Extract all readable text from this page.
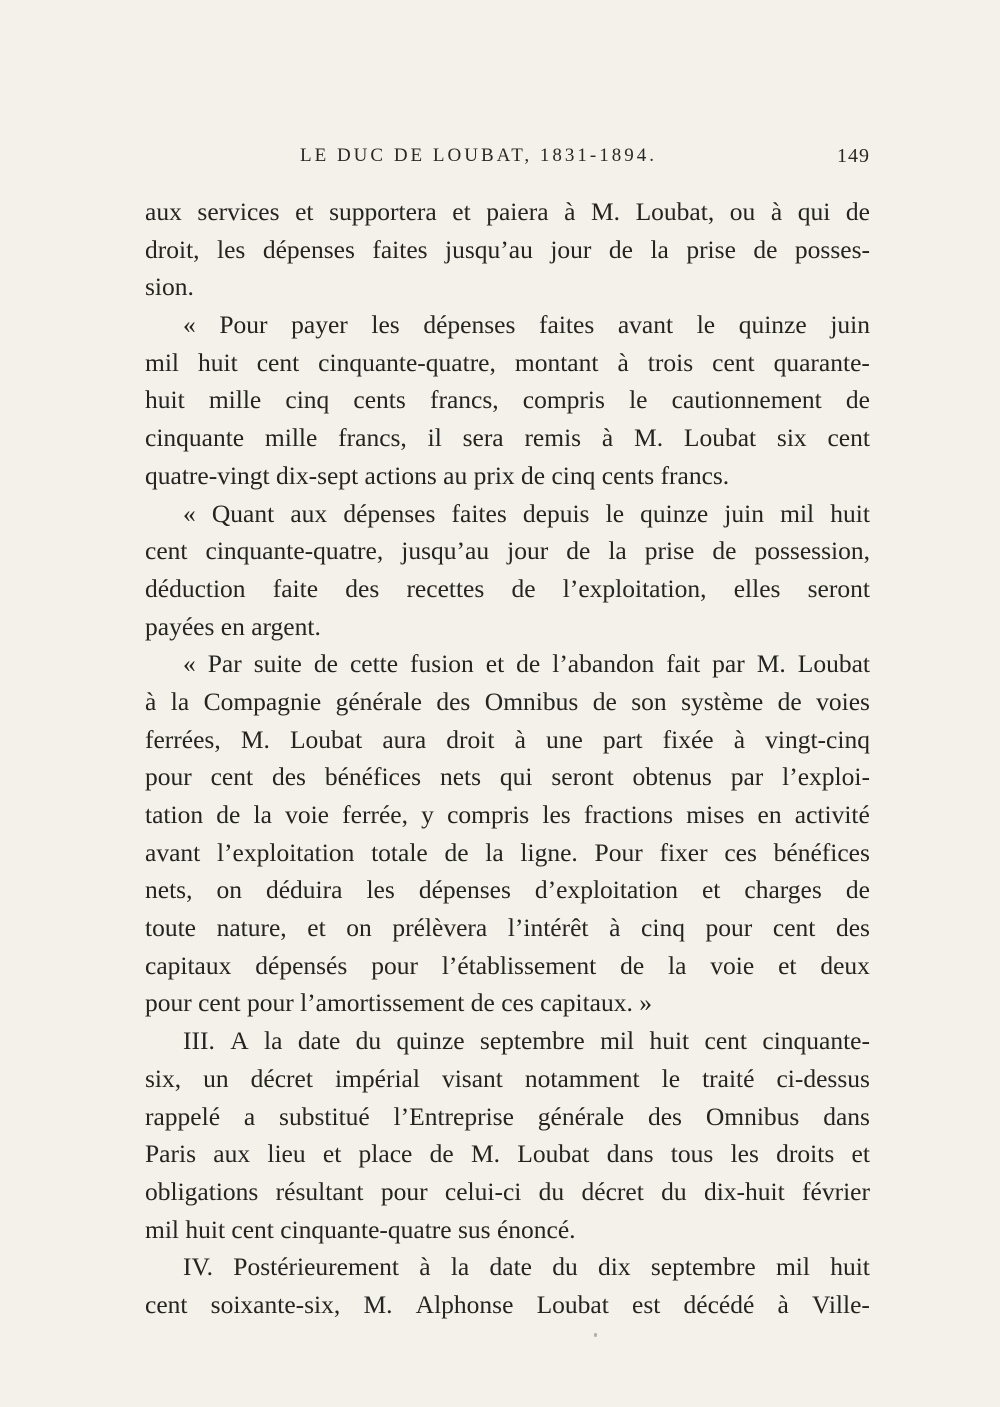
LE DUC DE LOUBAT, 1831-1894.	149
aux services et supportera et paiera à M. Loubat, ou à qui de
droit, les dépenses faites jusqu’au jour de la prise de posses-
sion.
« Pour payer les dépenses faites avant le quinze juin
mil huit cent cinquante-quatre, montant à trois cent quarante-
huit mille cinq cents francs, compris le cautionnement de
cinquante mille francs, il sera remis à M. Loubat six cent
quatre-vingt dix-sept actions au prix de cinq cents francs.
« Quant aux dépenses faites depuis le quinze juin mil huit
cent cinquante-quatre, jusqu’au jour de la prise de possession,
déduction faite des recettes de l’exploitation, elles seront
payées en argent.
« Par suite de cette fusion et de l’abandon fait par M. Loubat
à la Compagnie générale des Omnibus de son système de voies
ferrées, M. Loubat aura droit à une part fixée à vingt-cinq
pour cent des bénéfices nets qui seront obtenus par l’exploi-
tation de la voie ferrée, y compris les fractions mises en activité
avant l’exploitation totale de la ligne. Pour fixer ces bénéfices
nets, on déduira les dépenses d’exploitation et charges de
toute nature, et on prélèvera l’intérêt à cinq pour cent des
capitaux dépensés pour l’établissement de la voie et deux
pour cent pour l’amortissement de ces capitaux. »
III. A la date du quinze septembre mil huit cent cinquante-
six, un décret impérial visant notamment le traité ci-dessus
rappelé a substitué l’Entreprise générale des Omnibus dans
Paris aux lieu et place de M. Loubat dans tous les droits et
obligations résultant pour celui-ci du décret du dix-huit février
mil huit cent cinquante-quatre sus énoncé.
IV. Postérieurement à la date du dix septembre mil huit
cent soixante-six, M. Alphonse Loubat est décédé à Ville-
